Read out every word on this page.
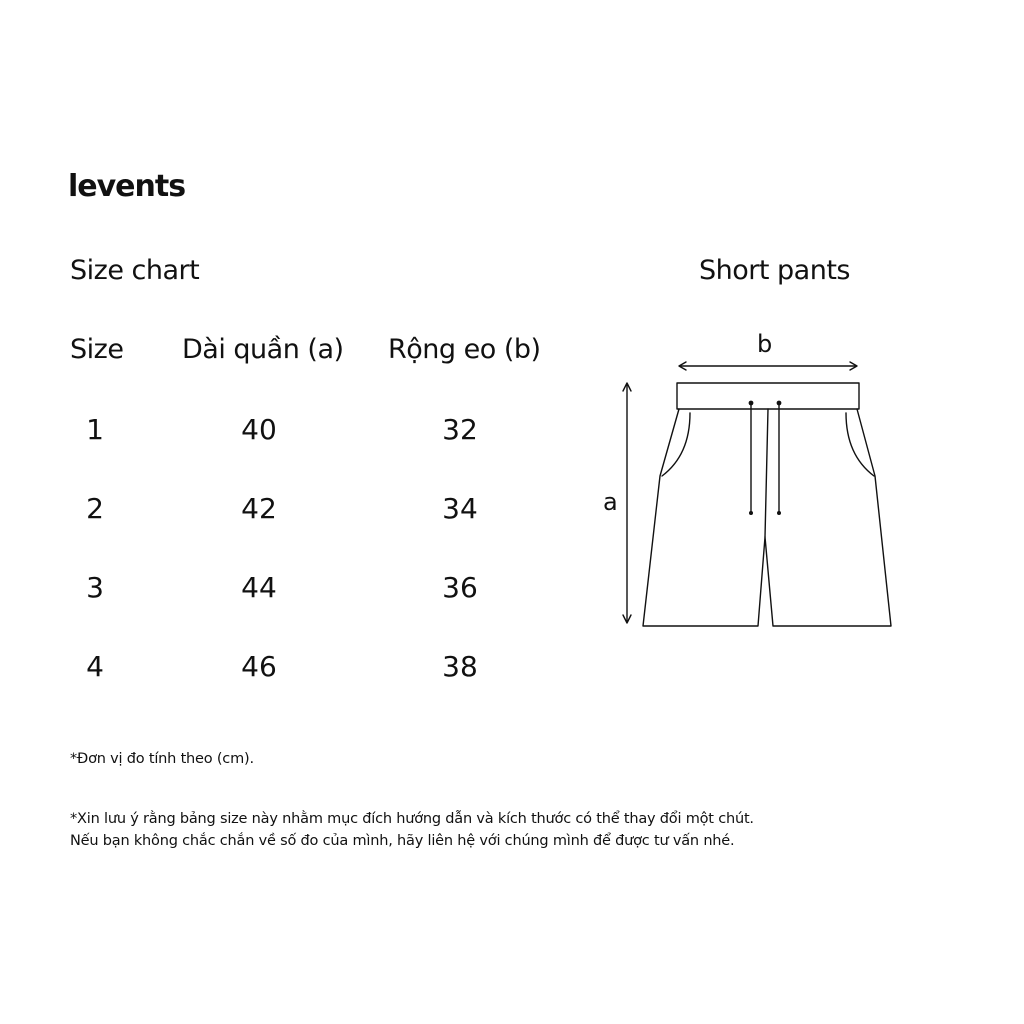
levents
Size chart	Short pants
Size Dài quần (a) Rộng eo (b)
1	40	32
2	42	34
3	44	36
4	46	38
b
a
*Đơn vị đo tính theo (cm).
*Xin lưu ý rằng bảng size này nhằm mục đích hướng dẫn và kích thước có thể thay đổi một chút.
Nếu bạn không chắc chắn về số đo của mình, hãy liên hệ với chúng mình để được tư vấn nhé.
